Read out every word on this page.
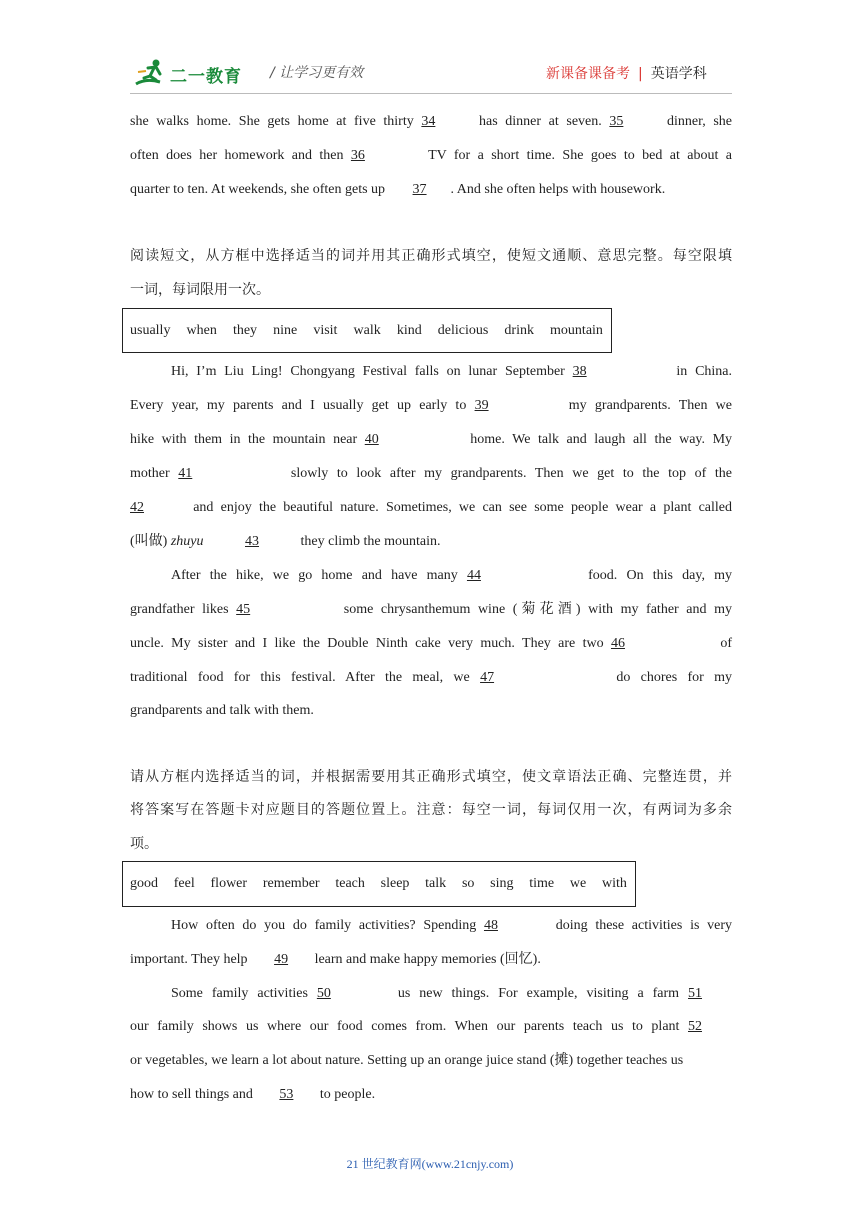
二一教育 / 让学习更有效	新课备课备考 | 英语学科
she walks home. She gets home at five thirty 34	has dinner at seven. 35	dinner, she
often does her homework and then 36	TV for a short time. She goes to bed at about a
quarter to ten. At weekends, she often gets up 37 . And she often helps with housework.
阅读短文，从方框中选择适当的词并用其正确形式填空，使短文通顺、意思完整。每空限填
一词，每词限用一次。
usually when they nine visit walk kind delicious drink mountain
Hi, I’m Liu Ling! Chongyang Festival falls on lunar September 38	in China.
Every year, my parents and I usually get up early to 39	my grandparents. Then we
hike with them in the mountain near 40	home. We talk and laugh all the way. My
mother 41	slowly to look after my grandparents. Then we get to the top of the
42	and enjoy the beautiful nature. Sometimes, we can see some people wear a plant called
(叫做) zhuyu	43	they climb the mountain.
After the hike, we go home and have many 44	food. On this day, my
grandfather likes 45	some chrysanthemum wine (菊花酒) with my father and my
uncle. My sister and I like the Double Ninth cake very much. They are two 46	of
traditional food for this festival. After the meal, we 47	do chores for my
grandparents and talk with them.
请从方框内选择适当的词，并根据需要用其正确形式填空，使文章语法正确、完整连贯，并
将答案写在答题卡对应题目的答题位置上。注意：每空一词，每词仅用一次，有两词为多余
项。
good feel flower remember teach sleep talk so sing time we with
How often do you do family activities? Spending 48	doing these activities is very
important. They help 49 learn and make happy memories (回忆).
Some family activities 50	us new things. For example, visiting a farm 51
our family shows us where our food comes from. When our parents teach us to plant 52
or vegetables, we learn a lot about nature. Setting up an orange juice stand (摊) together teaches us
how to sell things and 53 to people.
21 世纪教育网(www.21cnjy.com)
